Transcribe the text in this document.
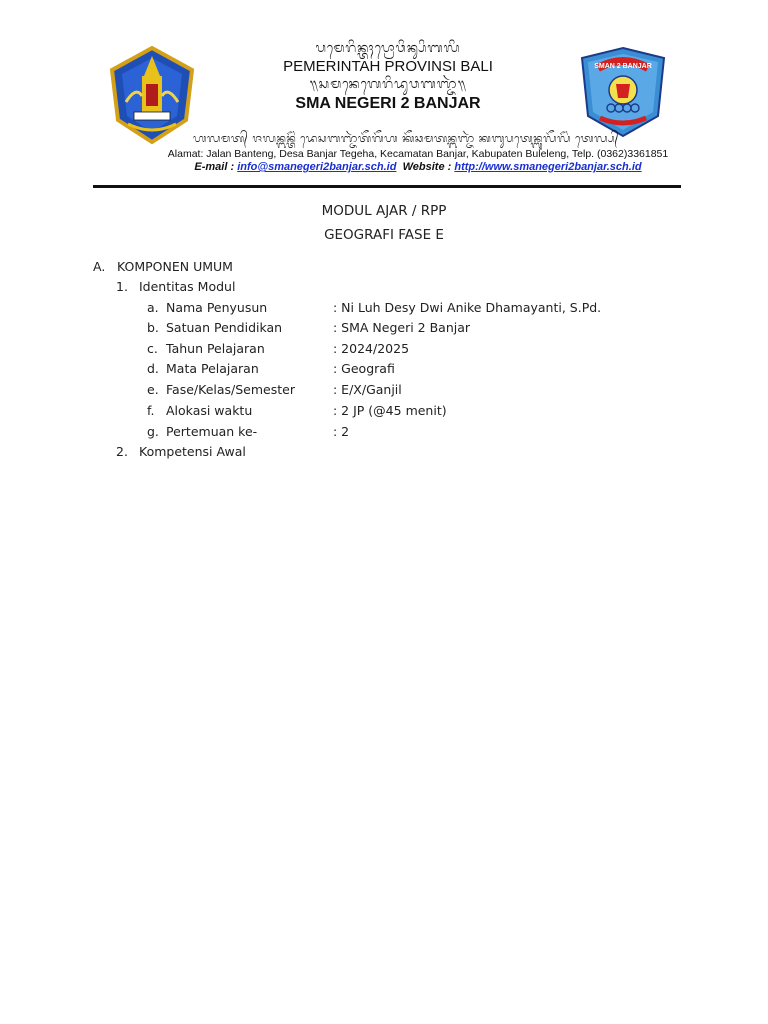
ᬧᬫᬾᬭᬶᬦ᭄ᬢᬄᬧ᭄ᬭᭀᬯᬶᬦ᭄ᬲᬶᬩᬮᬶ
PEMERINTAH PROVINSI BALI
᭟ᬲᬫᬦᬾᬕᬾᬭᬶᬤᬸᬯᬩᬜ᭄ᬚᬃ᭟
SMA NEGERI 2 BANJAR
SMAN 2 BANJAR
ᬳᬮᬫᬢ᭄ ᬚᬮᬦ᭄ᬩᬦ᭄ᬢᭂᬂ ᬤᬾᬲᬩᬜ᭄ᬚᬃᬢᭂᬕᭂᬳ ᬓᭂᬘᬫᬢᬦ᭄ᬩᬜ᭄ᬚᬃ ᬓᬩᬸᬧᬢᬾᬦ᭄ᬩᬸᬮᭂᬮᭂᬂ ᬢᬾᬮ᭄ᬧ᭄
Alamat: Jalan Banteng, Desa Banjar Tegeha, Kecamatan Banjar, Kabupaten Buleleng, Telp. (0362)3361851
E-mail : info@smanegeri2banjar.sch.id  Website : http://www.smanegeri2banjar.sch.id
MODUL AJAR / RPP
GEOGRAFI FASE E
A. KOMPONEN UMUM
1. Identitas Modul
a. Nama Penyusun	: Ni Luh Desy Dwi Anike Dhamayanti, S.Pd.
b. Satuan Pendidikan	: SMA Negeri 2 Banjar
c. Tahun Pelajaran	: 2024/2025
d. Mata Pelajaran	: Geografi
e. Fase/Kelas/Semester	: E/X/Ganjil
f. Alokasi waktu	: 2 JP (@45 menit)
g. Pertemuan ke-	: 2
2. Kompetensi Awal
